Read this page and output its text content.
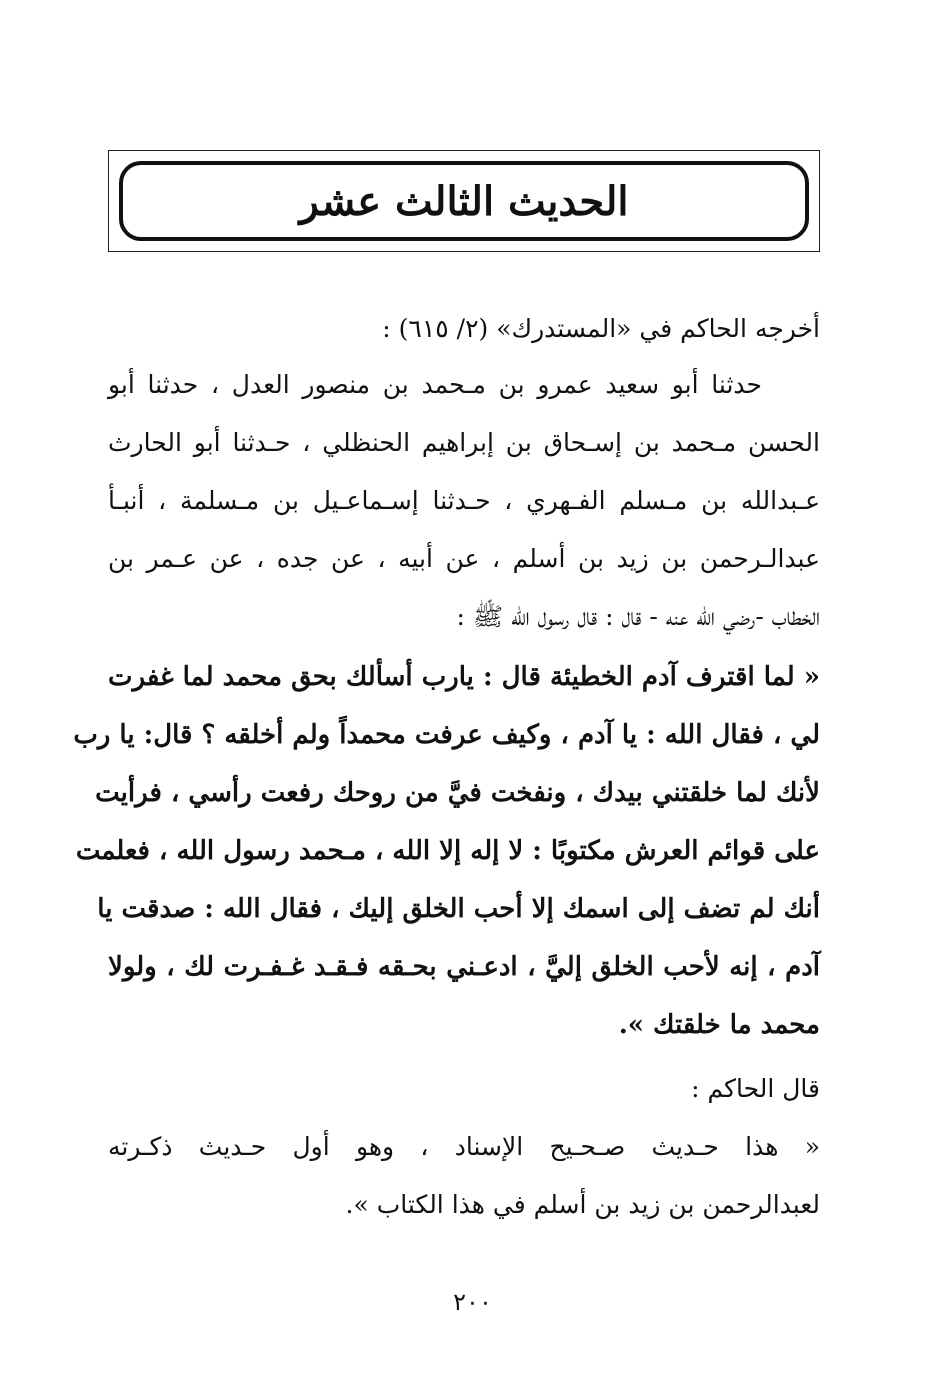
الحديث الثالث عشر
أخرجه الحاكم في «المستدرك» (٢/ ٦١٥) :
حدثنا أبو سعيد عمرو بن مـحمد بن منصور العدل ، حدثنا أبو
الحسن مـحمد بن إسـحاق بن إبراهيم الحنظلي ، حـدثنا أبو الحارث
عـبدالله بن مـسلم الفـهري ، حـدثنا إسـماعـيل بن مـسلمة ، أنبـأ
عبدالـرحمن بن زيد بن أسلم ، عن أبيه ، عن جده ، عن عـمر بن
الخطاب -رضي الله عنه - قال : قال رسول الله ﷺ :
« لما اقترف آدم الخطيئة قال : يارب أسألك بحق محمد لما غفرت
لي ، فقال الله : يا آدم ، وكيف عرفت محمداً ولم أخلقه ؟ قال: يا رب
لأنك لما خلقتني بيدك ، ونفخت فيَّ من روحك رفعت رأسي ، فرأيت
على قوائم العرش مكتوبًا : لا إله إلا الله ، مـحمد رسول الله ، فعلمت
أنك لم تضف إلى اسمك إلا أحب الخلق إليك ، فقال الله : صدقت يا
آدم ، إنه لأحب الخلق إليَّ ، ادعـني بحـقه فـقـد غـفـرت لك ، ولولا
محمد ما خلقتك ».
قال الحاكم :
« هذا حـديث صـحـيح الإسناد ، وهو أول حـديث ذكـرته
لعبدالرحمن بن زيد بن أسلم في هذا الكتاب ».
٢٠٠
